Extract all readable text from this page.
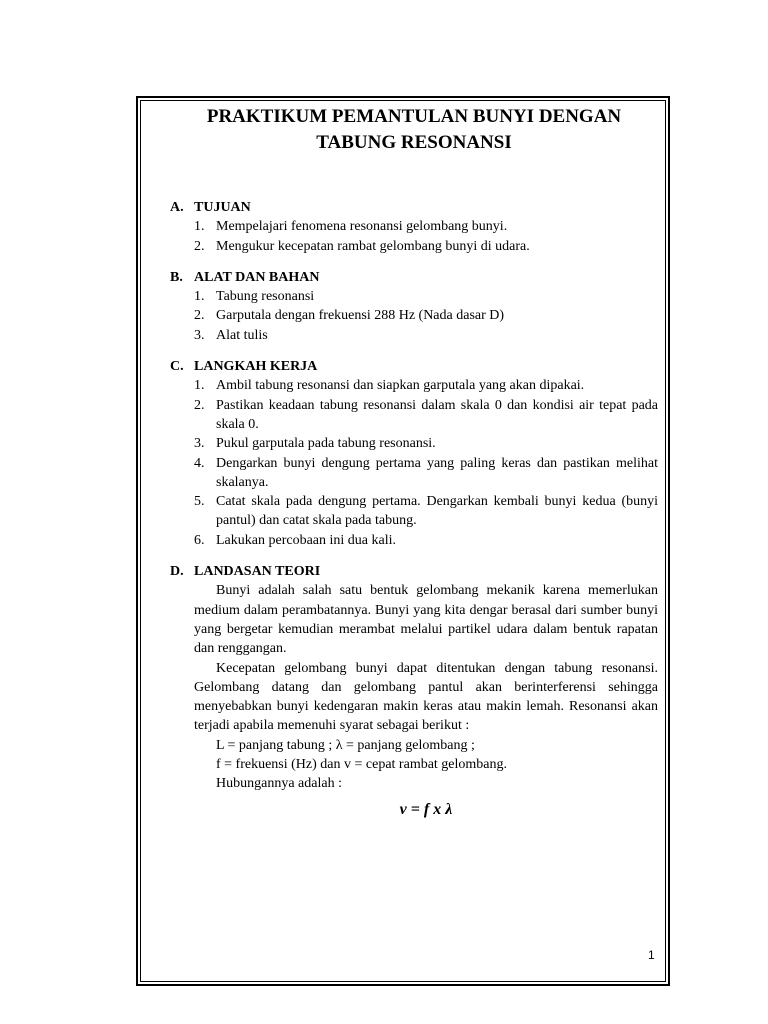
PRAKTIKUM PEMANTULAN BUNYI DENGAN TABUNG RESONANSI
A. TUJUAN
1. Mempelajari fenomena resonansi gelombang bunyi.
2. Mengukur kecepatan rambat gelombang bunyi di udara.
B. ALAT DAN BAHAN
1. Tabung resonansi
2. Garputala dengan frekuensi 288 Hz (Nada dasar D)
3. Alat tulis
C. LANGKAH KERJA
1. Ambil tabung resonansi dan siapkan garputala yang akan dipakai.
2. Pastikan keadaan tabung resonansi dalam skala 0 dan kondisi air tepat pada skala 0.
3. Pukul garputala pada tabung resonansi.
4. Dengarkan bunyi dengung pertama yang paling keras dan pastikan melihat skalanya.
5. Catat skala pada dengung pertama. Dengarkan kembali bunyi kedua (bunyi pantul) dan catat skala pada tabung.
6. Lakukan percobaan ini dua kali.
D. LANDASAN TEORI

Bunyi adalah salah satu bentuk gelombang mekanik karena memerlukan medium dalam perambatannya. Bunyi yang kita dengar berasal dari sumber bunyi yang bergetar kemudian merambat melalui partikel udara dalam bentuk rapatan dan renggangan.

Kecepatan gelombang bunyi dapat ditentukan dengan tabung resonansi. Gelombang datang dan gelombang pantul akan berinterferensi sehingga menyebabkan bunyi kedengaran makin keras atau makin lemah. Resonansi akan terjadi apabila memenuhi syarat sebagai berikut :

L = panjang tabung ; λ = panjang gelombang ;
f = frekuensi (Hz) dan v = cepat rambat gelombang.
Hubungannya adalah :
v = f x λ
1
